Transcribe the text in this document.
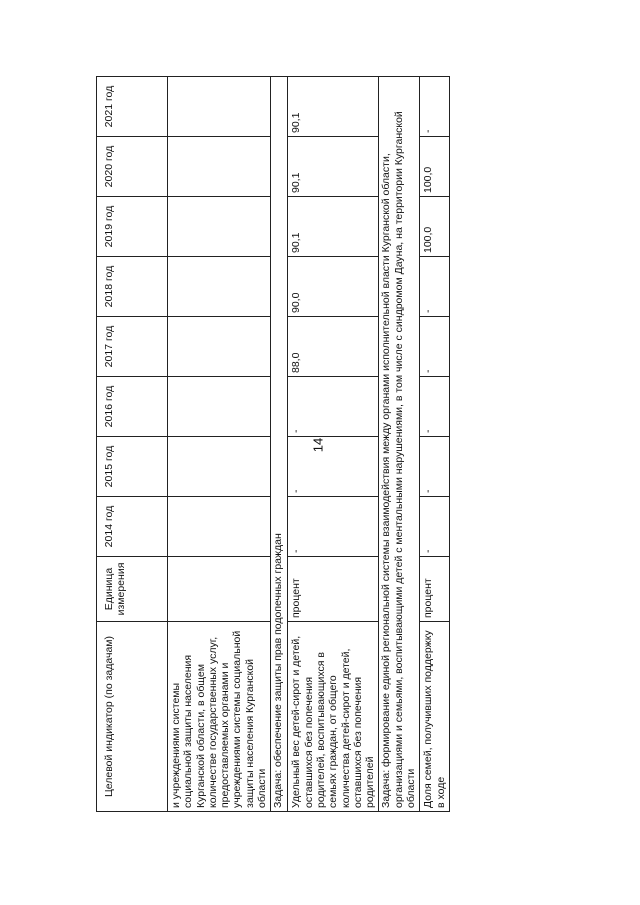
14
Целевой индикатор (по задачам)	Единица измерения	2014 год	2015 год	2016 год	2017 год	2018 год	2019 год	2020 год	2021 год
и учреждениями системы социальной защиты населения Курганской области, в общем количестве государственных услуг, предоставляемых органами и учреждениями системы социальной защиты населения Курганской области									
Задача: обеспечение защиты прав подопечных граждан									
Удельный вес детей-сирот и детей, оставшихся без попечения родителей, воспитывающихся в семьях граждан, от общего количества детей-сирот и детей, оставшихся без попечения родителей	процент	-	-	-	88,0	90,0	90,1	90,1	90,1
Задача: формирование единой региональной системы взаимодействия между органами исполнительной власти Курганской области, организациями и семьями, воспитывающими детей с ментальными нарушениями, в том числе с синдромом Дауна, на территории Курганской области									
Доля семей, получивших поддержку в ходе	процент	-	-	-	-	-	100,0	100,0	-
